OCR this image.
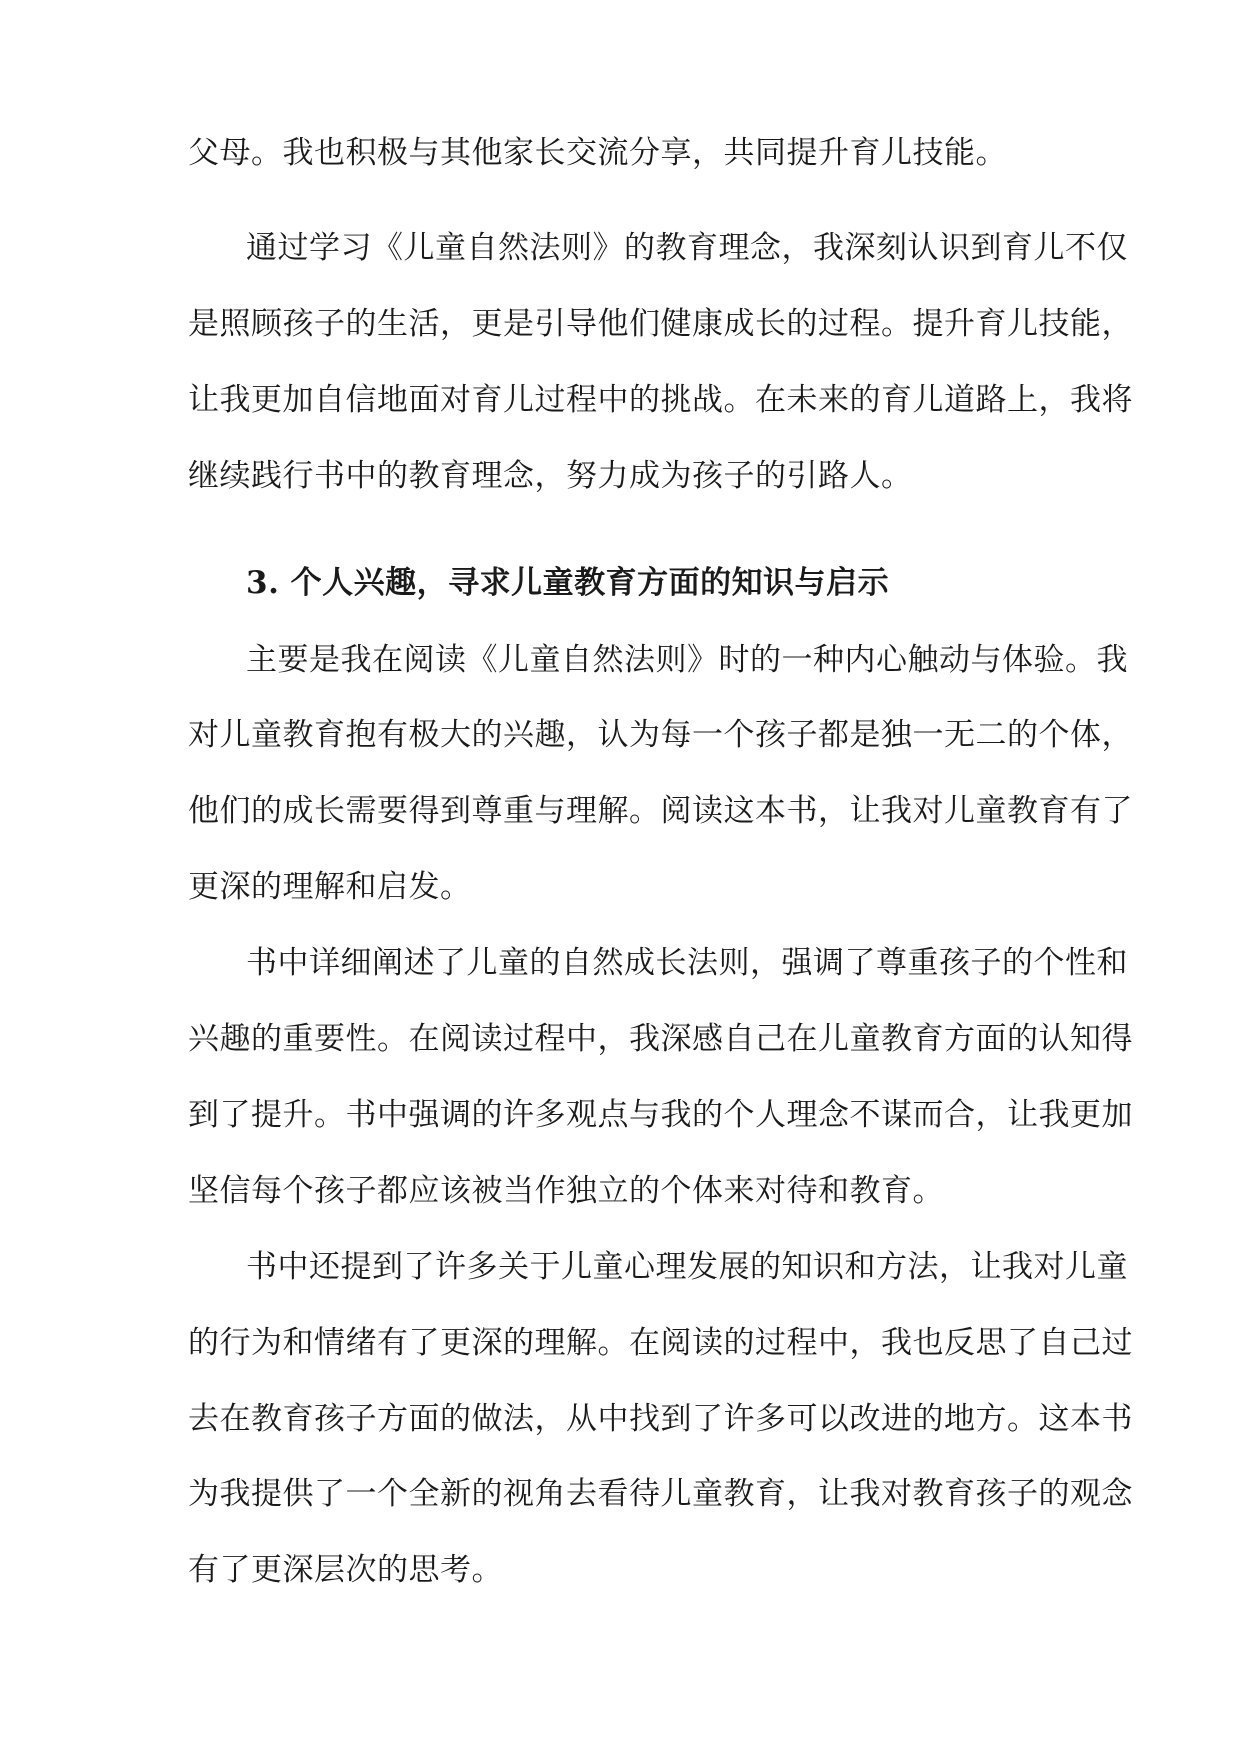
父母。我也积极与其他家长交流分享，共同提升育儿技能。
通过学习《儿童自然法则》的教育理念，我深刻认识到育儿不仅
是照顾孩子的生活，更是引导他们健康成长的过程。提升育儿技能，
让我更加自信地面对育儿过程中的挑战。在未来的育儿道路上，我将
继续践行书中的教育理念，努力成为孩子的引路人。
3. 个人兴趣，寻求儿童教育方面的知识与启示
主要是我在阅读《儿童自然法则》时的一种内心触动与体验。我
对儿童教育抱有极大的兴趣，认为每一个孩子都是独一无二的个体，
他们的成长需要得到尊重与理解。阅读这本书，让我对儿童教育有了
更深的理解和启发。
书中详细阐述了儿童的自然成长法则，强调了尊重孩子的个性和
兴趣的重要性。在阅读过程中，我深感自己在儿童教育方面的认知得
到了提升。书中强调的许多观点与我的个人理念不谋而合，让我更加
坚信每个孩子都应该被当作独立的个体来对待和教育。
书中还提到了许多关于儿童心理发展的知识和方法，让我对儿童
的行为和情绪有了更深的理解。在阅读的过程中，我也反思了自己过
去在教育孩子方面的做法，从中找到了许多可以改进的地方。这本书
为我提供了一个全新的视角去看待儿童教育，让我对教育孩子的观念
有了更深层次的思考。
